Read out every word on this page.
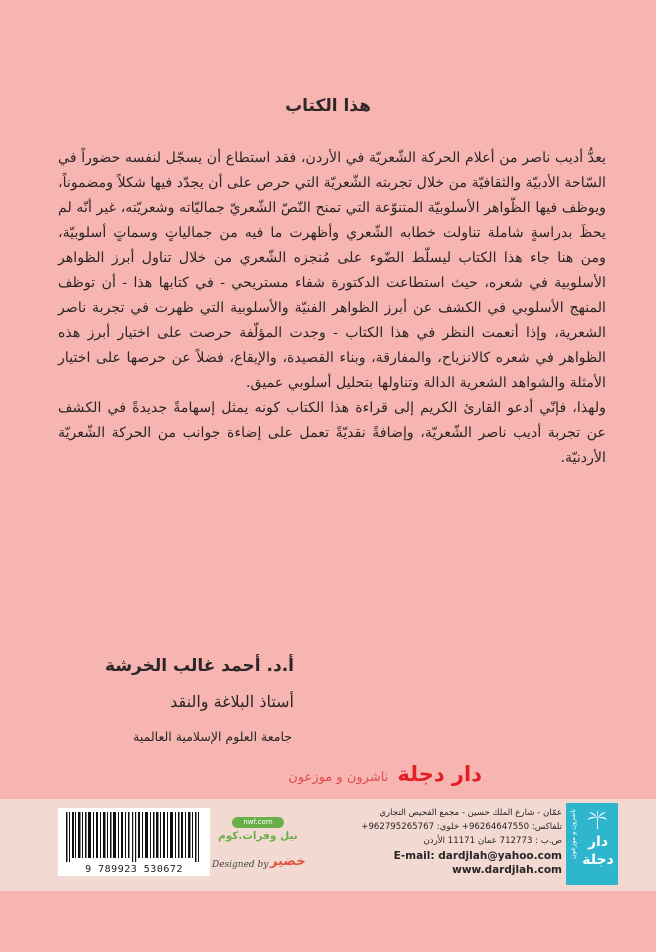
هذا الكتاب

يعدُّ أديب ناصر من أعلام الحركة الشّعريّة في الأردن، فقد استطاع أن يسجّل لنفسه حضوراً في السّاحة الأدبيّة والثقافيّة من خلال تجربته الشّعريّة التي حرص على أن يجدّد فيها شكلاً ومضموناً، ويوظف فيها الظّواهر الأسلوبيّة المتنوّعة التي تمنح النّصّ الشّعريّ جماليّاته وشعريّته، غير أنّه لم يحظَ بدراسةٍ شاملة تناولت خطابه الشّعري وأظهرت ما فيه من جمالياتٍ وسماتٍ أسلوبيّة، ومن هنا جاء هذا الكتاب ليسلّط الضّوء على مُنجزه الشّعري من خلال تناول أبرز الظواهر الأسلوبية في شعره، حيث استطاعت الدكتورة شفاء مستريحي - في كتابها هذا - أن توظف المنهج الأسلوبي في الكشف عن أبرز الظواهر الفنيّة والأسلوبية التي ظهرت في تجربة ناصر الشعرية، وإذا أنعمت النظر في هذا الكتاب - وجدت المؤلّفة حرصت على اختيار أبرز هذه الظواهر في شعره كالانزياح، والمفارقة، وبناء القصيدة، والإيقاع، فضلاً عن حرصها على اختيار الأمثلة والشواهد الشعرية الدالة وتناولها بتحليل أسلوبي عميق.

ولهذا، فإنّي أدعو القارئ الكريم إلى قراءة هذا الكتاب كونه يمثل إسهامةً جديدةً في الكشف عن تجربة أديب ناصر الشّعريّة، وإضافةً نقديّةً تعمل على إضاءة جوانب من الحركة الشّعريّة الأردنيّة.

أ.د. أحمد غالب الخرشة
أستاذ البلاغة والنقد
جامعة العلوم الإسلامية العالمية
دار دجلة ناشرون و موزعون
9 789923 530672
nwf.com
نيل وفرات.كوم
Designed by خضير
عمّان - شارع الملك حسين - مجمع الفحيص التجاري
تلفاكس: 96264647550+ خلوي: 962795265767+
ص.ب : 712773 عمان 11171 الأردن
E-mail: dardjlah@yahoo.com
www.dardjlah.com
ناشرون و موزعون دار
دجلة
